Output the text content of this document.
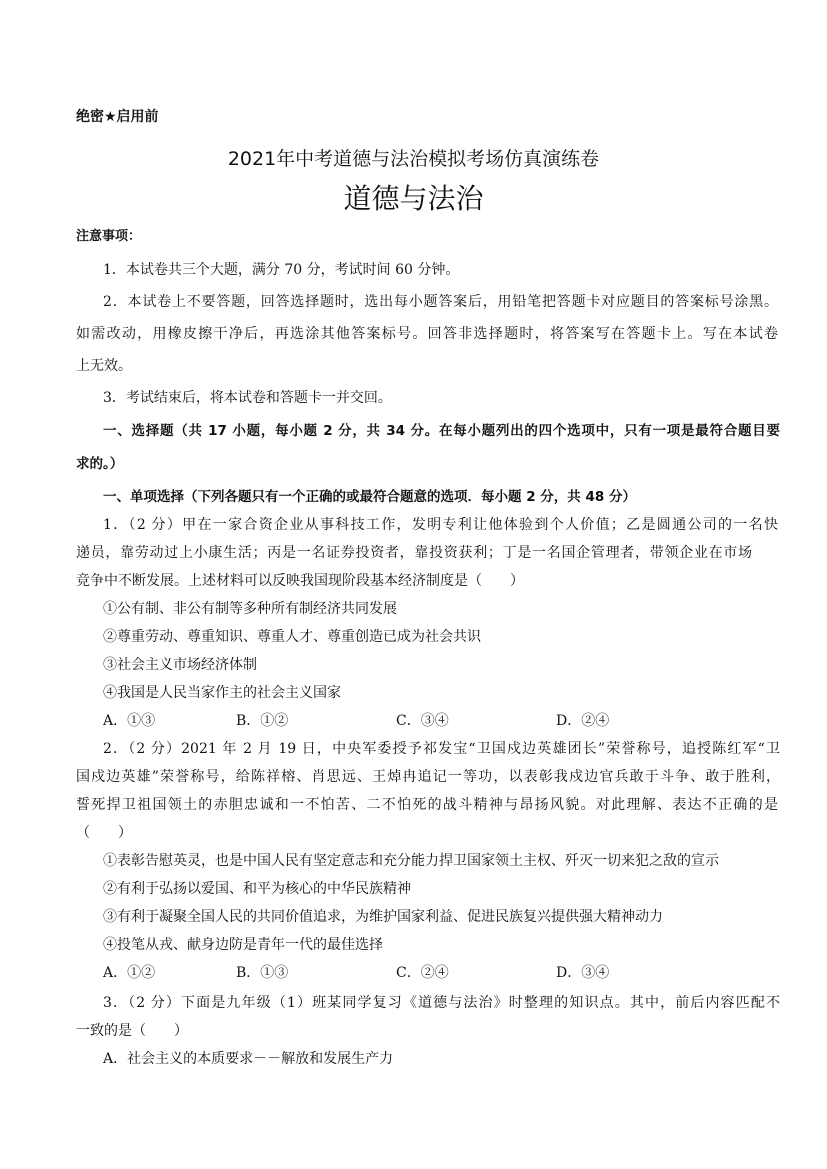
绝密★启用前
2021年中考道德与法治模拟考场仿真演练卷
道德与法治
注意事项：
1．本试卷共三个大题，满分 70 分，考试时间 60 分钟。
2．本试卷上不要答题，回答选择题时，选出每小题答案后，用铅笔把答题卡对应题目的答案标号涂黑。
如需改动，用橡皮擦干净后，再选涂其他答案标号。回答非选择题时，将答案写在答题卡上。写在本试卷
上无效。
3．考试结束后，将本试卷和答题卡一并交回。
一、选择题（共 17 小题，每小题 2 分，共 34 分。在每小题列出的四个选项中，只有一项是最符合题目要
求的。）
一、单项选择（下列各题只有一个正确的或最符合题意的选项．每小题 2 分，共 48 分）
1．（2 分）甲在一家合资企业从事科技工作，发明专利让他体验到个人价值；乙是圆通公司的一名快
递员，靠劳动过上小康生活；丙是一名证券投资者，靠投资获利；丁是一名国企管理者，带领企业在市场
竞争中不断发展。上述材料可以反映我国现阶段基本经济制度是（　　）
①公有制、非公有制等多种所有制经济共同发展
②尊重劳动、尊重知识、尊重人才、尊重创造已成为社会共识
③社会主义市场经济体制
④我国是人民当家作主的社会主义国家
A．①③	B．①②	C．③④	D．②④
2．（2 分）2021 年 2 月 19 日，中央军委授予祁发宝“卫国戍边英雄团长”荣誉称号，追授陈红军“卫
国戍边英雄”荣誉称号，给陈祥榕、肖思远、王焯冉追记一等功，以表彰我戍边官兵敢于斗争、敢于胜利，
誓死捍卫祖国领土的赤胆忠诚和一不怕苦、二不怕死的战斗精神与昂扬风貌。对此理解、表达不正确的是
（　　）
①表彰告慰英灵，也是中国人民有坚定意志和充分能力捍卫国家领土主权、歼灭一切来犯之敌的宣示
②有利于弘扬以爱国、和平为核心的中华民族精神
③有利于凝聚全国人民的共同价值追求，为维护国家利益、促进民族复兴提供强大精神动力
④投笔从戎、献身边防是青年一代的最佳选择
A．①②	B．①③	C．②④	D．③④
3．（2 分）下面是九年级（1）班某同学复习《道德与法治》时整理的知识点。其中，前后内容匹配不
一致的是（　　）
A．社会主义的本质要求－－解放和发展生产力
